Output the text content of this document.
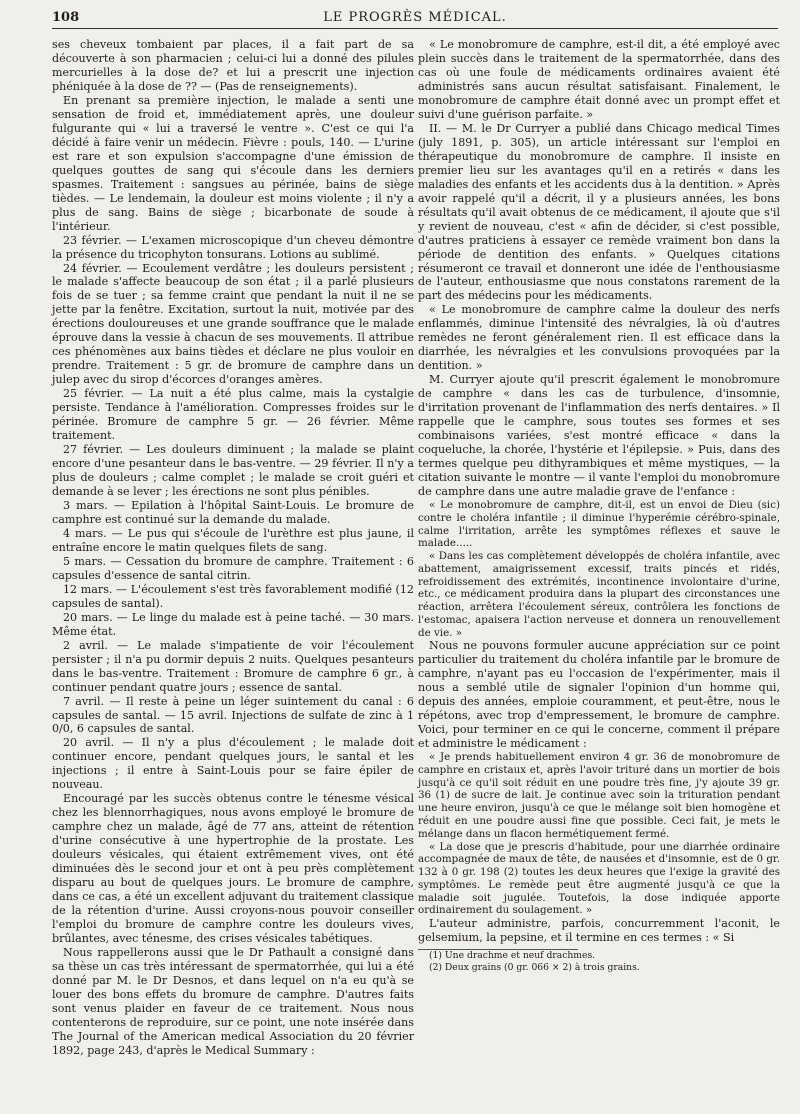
108	LE PROGRÈS MÉDICAL.

ses cheveux tombaient par places, il a fait part de sa découverte à son pharmacien ; celui-ci lui a donné des pilules mercurielles à la dose de? et lui a prescrit une injection phéniquée à la dose de ?? — (Pas de renseignements).

En prenant sa première injection, le malade a senti une sensation de froid et, immédiatement après, une douleur fulgurante qui « lui a traversé le ventre ». C'est ce qui l'a décidé à faire venir un médecin. Fièvre : pouls, 140. — L'urine est rare et son expulsion s'accompagne d'une émission de quelques gouttes de sang qui s'écoule dans les derniers spasmes. Traitement : sangsues au périnée, bains de siège tièdes. — Le lendemain, la douleur est moins violente ; il n'y a plus de sang. Bains de siège ; bicarbonate de soude à l'intérieur.

23 février. — L'examen microscopique d'un cheveu démontre la présence du tricophyton tonsurans. Lotions au sublimé.

24 février. — Ecoulement verdâtre ; les douleurs persistent ; le malade s'affecte beaucoup de son état ; il a parlé plusieurs fois de se tuer ; sa femme craint que pendant la nuit il ne se jette par la fenêtre. Excitation, surtout la nuit, motivée par des érections douloureuses et une grande souffrance que le malade éprouve dans la vessie à chacun de ses mouvements. Il attribue ces phénomènes aux bains tièdes et déclare ne plus vouloir en prendre. Traitement : 5 gr. de bromure de camphre dans un julep avec du sirop d'écorces d'oranges amères.

25 février. — La nuit a été plus calme, mais la cystalgie persiste. Tendance à l'amélioration. Compresses froides sur le périnée. Bromure de camphre 5 gr. — 26 février. Même traitement.

27 février. — Les douleurs diminuent ; la malade se plaint encore d'une pesanteur dans le bas-ventre. — 29 février. Il n'y a plus de douleurs ; calme complet ; le malade se croit guéri et demande à se lever ; les érections ne sont plus pénibles.

3 mars. — Epilation à l'hôpital Saint-Louis. Le bromure de camphre est continué sur la demande du malade.

4 mars. — Le pus qui s'écoule de l'urèthre est plus jaune, il entraîne encore le matin quelques filets de sang.

5 mars. — Cessation du bromure de camphre. Traitement : 6 capsules d'essence de santal citrin.

12 mars. — L'écoulement s'est très favorablement modifié (12 capsules de santal).

20 mars. — Le linge du malade est à peine taché. — 30 mars. Même état.

2 avril. — Le malade s'impatiente de voir l'écoulement persister ; il n'a pu dormir depuis 2 nuits. Quelques pesanteurs dans le bas-ventre. Traitement : Bromure de camphre 6 gr., à continuer pendant quatre jours ; essence de santal.

7 avril. — Il reste à peine un léger suintement du canal : 6 capsules de santal. — 15 avril. Injections de sulfate de zinc à 1 0/0, 6 capsules de santal.

20 avril. — Il n'y a plus d'écoulement ; le malade doit continuer encore, pendant quelques jours, le santal et les injections ; il entre à Saint-Louis pour se faire épiler de nouveau.

Encouragé par les succès obtenus contre le ténesme vésical chez les blennorrhagiques, nous avons employé le bromure de camphre chez un malade, âgé de 77 ans, atteint de rétention d'urine consécutive à une hypertrophie de la prostate. Les douleurs vésicales, qui étaient extrêmement vives, ont été diminuées dès le second jour et ont à peu près complètement disparu au bout de quelques jours. Le bromure de camphre, dans ce cas, a été un excellent adjuvant du traitement classique de la rétention d'urine. Aussi croyons-nous pouvoir conseiller l'emploi du bromure de camphre contre les douleurs vives, brûlantes, avec ténesme, des crises vésicales tabétiques.

Nous rappellerons aussi que le Dr Pathault a consigné dans sa thèse un cas très intéressant de spermatorrhée, qui lui a été donné par M. le Dr Desnos, et dans lequel on n'a eu qu'à se louer des bons effets du bromure de camphre. D'autres faits sont venus plaider en faveur de ce traitement. Nous nous contenterons de reproduire, sur ce point, une note insérée dans The Journal of the American medical Association du 20 février 1892, page 243, d'après le Medical Summary :

« Le monobromure de camphre, est-il dit, a été employé avec plein succès dans le traitement de la spermatorrhée, dans des cas où une foule de médicaments ordinaires avaient été administrés sans aucun résultat satisfaisant. Finalement, le monobromure de camphre était donné avec un prompt effet et suivi d'une guérison parfaite. »

II. — M. le Dr Curryer a publié dans Chicago medical Times (july 1891, p. 305), un article intéressant sur l'emploi en thérapeutique du monobromure de camphre. Il insiste en premier lieu sur les avantages qu'il en a retirés « dans les maladies des enfants et les accidents dus à la dentition. » Après avoir rappelé qu'il a décrit, il y a plusieurs années, les bons résultats qu'il avait obtenus de ce médicament, il ajoute que s'il y revient de nouveau, c'est « afin de décider, si c'est possible, d'autres praticiens à essayer ce remède vraiment bon dans la période de dentition des enfants. » Quelques citations résumeront ce travail et donneront une idée de l'enthousiasme de l'auteur, enthousiasme que nous constatons rarement de la part des médecins pour les médicaments.

« Le monobromure de camphre calme la douleur des nerfs enflammés, diminue l'intensité des névralgies, là où d'autres remèdes ne feront généralement rien. Il est efficace dans la diarrhée, les névralgies et les convulsions provoquées par la dentition. »

M. Curryer ajoute qu'il prescrit également le monobromure de camphre « dans les cas de turbulence, d'insomnie, d'irritation provenant de l'inflammation des nerfs dentaires. » Il rappelle que le camphre, sous toutes ses formes et ses combinaisons variées, s'est montré efficace « dans la coqueluche, la chorée, l'hystérie et l'épilepsie. » Puis, dans des termes quelque peu dithyrambiques et même mystiques, — la citation suivante le montre — il vante l'emploi du monobromure de camphre dans une autre maladie grave de l'enfance :

« Le monobromure de camphre, dit-il, est un envoi de Dieu (sic) contre le choléra infantile ; il diminue l'hyperémie cérébro-spinale, calme l'irritation, arrête les symptômes réflexes et sauve le malade.....

« Dans les cas complètement développés de choléra infantile, avec abattement, amaigrissement excessif, traits pincés et ridés, refroidissement des extrémités, incontinence involontaire d'urine, etc., ce médicament produira dans la plupart des circonstances une réaction, arrêtera l'écoulement séreux, contrôlera les fonctions de l'estomac, apaisera l'action nerveuse et donnera un renouvellement de vie. »

Nous ne pouvons formuler aucune appréciation sur ce point particulier du traitement du choléra infantile par le bromure de camphre, n'ayant pas eu l'occasion de l'expérimenter, mais il nous a semblé utile de signaler l'opinion d'un homme qui, depuis des années, emploie couramment, et peut-être, nous le répétons, avec trop d'empressement, le bromure de camphre. Voici, pour terminer en ce qui le concerne, comment il prépare et administre le médicament :

« Je prends habituellement environ 4 gr. 36 de monobromure de camphre en cristaux et, après l'avoir trituré dans un mortier de bois jusqu'à ce qu'il soit réduit en une poudre très fine, j'y ajoute 39 gr. 36 (1) de sucre de lait. Je continue avec soin la trituration pendant une heure environ, jusqu'à ce que le mélange soit bien homogène et réduit en une poudre aussi fine que possible. Ceci fait, je mets le mélange dans un flacon hermétiquement fermé.

« La dose que je prescris d'habitude, pour une diarrhée ordinaire accompagnée de maux de tête, de nausées et d'insomnie, est de 0 gr. 132 à 0 gr. 198 (2) toutes les deux heures que l'exige la gravité des symptômes. Le remède peut être augmenté jusqu'à ce que la maladie soit jugulée. Toutefois, la dose indiquée apporte ordinairement du soulagement. »

L'auteur administre, parfois, concurremment l'aconit, le gelsemium, la pepsine, et il termine en ces termes : « Si

(1) Une drachme et neuf drachmes.

(2) Deux grains (0 gr. 066 × 2) à trois grains.
